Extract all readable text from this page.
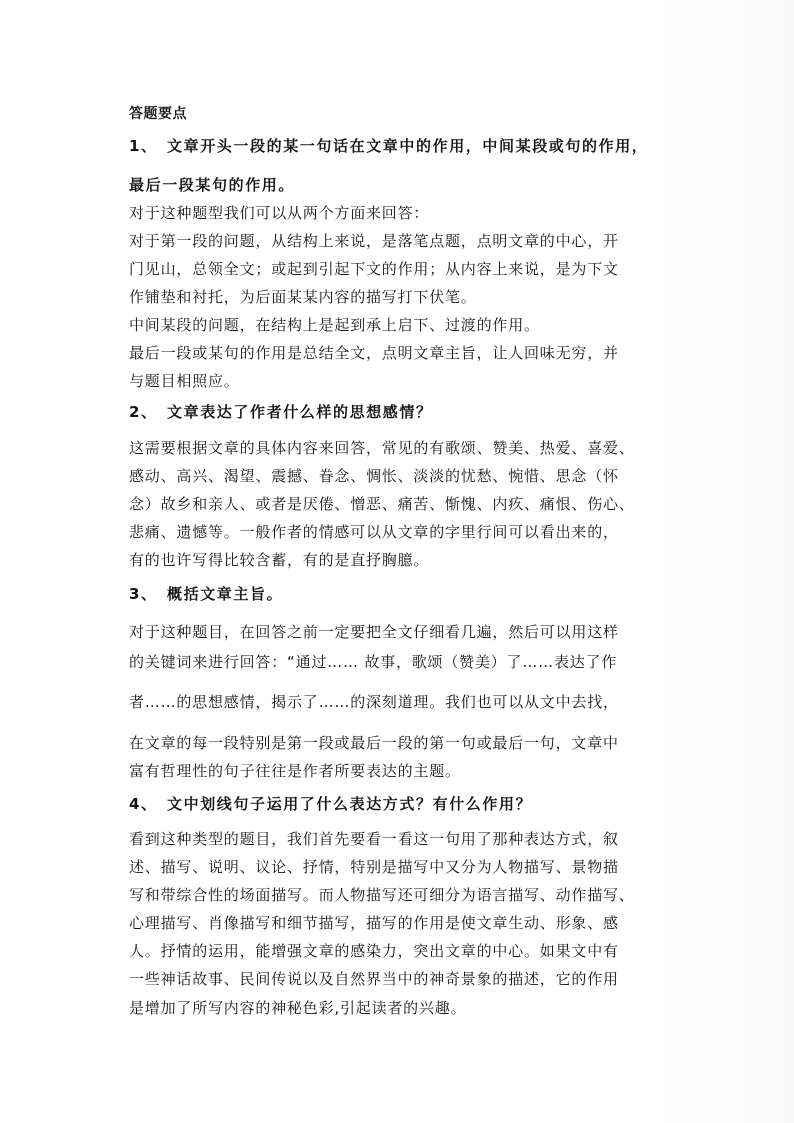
答题要点
1、 文章开头一段的某一句话在文章中的作用，中间某段或句的作用，
最后一段某句的作用。
对于这种题型我们可以从两个方面来回答：
对于第一段的问题，从结构上来说，是落笔点题，点明文章的中心，开
门见山，总领全文；或起到引起下文的作用；从内容上来说，是为下文
作铺垫和衬托，为后面某某内容的描写打下伏笔。
中间某段的问题，在结构上是起到承上启下、过渡的作用。
最后一段或某句的作用是总结全文，点明文章主旨，让人回味无穷，并
与题目相照应。
2、 文章表达了作者什么样的思想感情？
这需要根据文章的具体内容来回答，常见的有歌颂、赞美、热爱、喜爱、
感动、高兴、渴望、震撼、眷念、惆怅、淡淡的忧愁、惋惜、思念（怀
念）故乡和亲人、或者是厌倦、憎恶、痛苦、惭愧、内疚、痛恨、伤心、
悲痛、遗憾等。一般作者的情感可以从文章的字里行间可以看出来的，
有的也许写得比较含蓄，有的是直抒胸臆。
3、 概括文章主旨。
对于这种题目，在回答之前一定要把全文仔细看几遍，然后可以用这样
的关键词来进行回答：“通过…… 故事，歌颂（赞美）了……表达了作
者……的思想感情，揭示了……的深刻道理。我们也可以从文中去找，
在文章的每一段特别是第一段或最后一段的第一句或最后一句，文章中
富有哲理性的句子往往是作者所要表达的主题。
4、 文中划线句子运用了什么表达方式？有什么作用？
看到这种类型的题目，我们首先要看一看这一句用了那种表达方式，叙
述、描写、说明、议论、抒情，特别是描写中又分为人物描写、景物描
写和带综合性的场面描写。而人物描写还可细分为语言描写、动作描写、
心理描写、肖像描写和细节描写，描写的作用是使文章生动、形象、感
人。抒情的运用，能增强文章的感染力，突出文章的中心。如果文中有
一些神话故事、民间传说以及自然界当中的神奇景象的描述，它的作用
是增加了所写内容的神秘色彩,引起读者的兴趣。
